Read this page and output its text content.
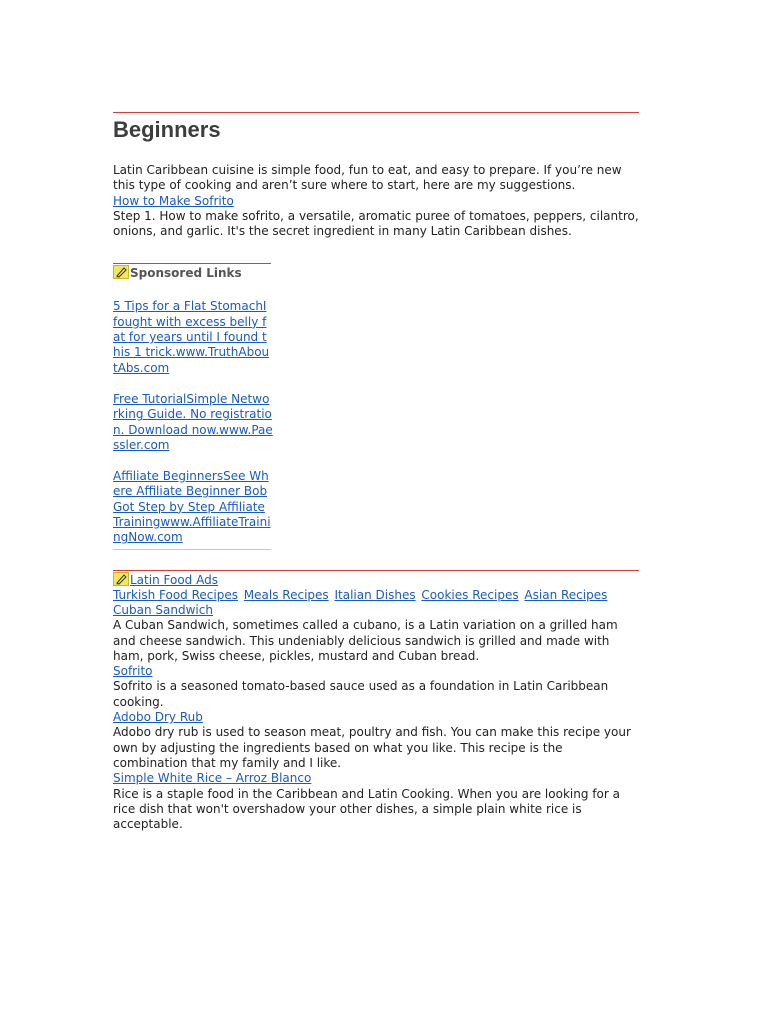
Beginners

Latin Caribbean cuisine is simple food, fun to eat, and easy to prepare. If you’re new this type of cooking and aren’t sure where to start, here are my suggestions.

How to Make Sofrito

Step 1. How to make sofrito, a versatile, aromatic puree of tomatoes, peppers, cilantro, onions, and garlic. It's the secret ingredient in many Latin Caribbean dishes.

Sponsored Links
5 Tips for a Flat StomachI fought with excess belly fat for years until I found this 1 trick.www.TruthAboutAbs.com
Free TutorialSimple Networking Guide. No registration. Download now.www.Paessler.com
Affiliate BeginnersSee Where Affiliate Beginner Bob Got Step by Step Affiliate Trainingwww.AffiliateTrainingNow.com
Latin Food Ads
Turkish Food Recipes Meals Recipes Italian Dishes Cookies Recipes Asian Recipes
Cuban Sandwich

A Cuban Sandwich, sometimes called a cubano, is a Latin variation on a grilled ham and cheese sandwich. This undeniably delicious sandwich is grilled and made with ham, pork, Swiss cheese, pickles, mustard and Cuban bread.

Sofrito

Sofrito is a seasoned tomato-based sauce used as a foundation in Latin Caribbean cooking.

Adobo Dry Rub

Adobo dry rub is used to season meat, poultry and fish. You can make this recipe your own by adjusting the ingredients based on what you like. This recipe is the combination that my family and I like.

Simple White Rice – Arroz Blanco

Rice is a staple food in the Caribbean and Latin Cooking. When you are looking for a rice dish that won't overshadow your other dishes, a simple plain white rice is acceptable.
